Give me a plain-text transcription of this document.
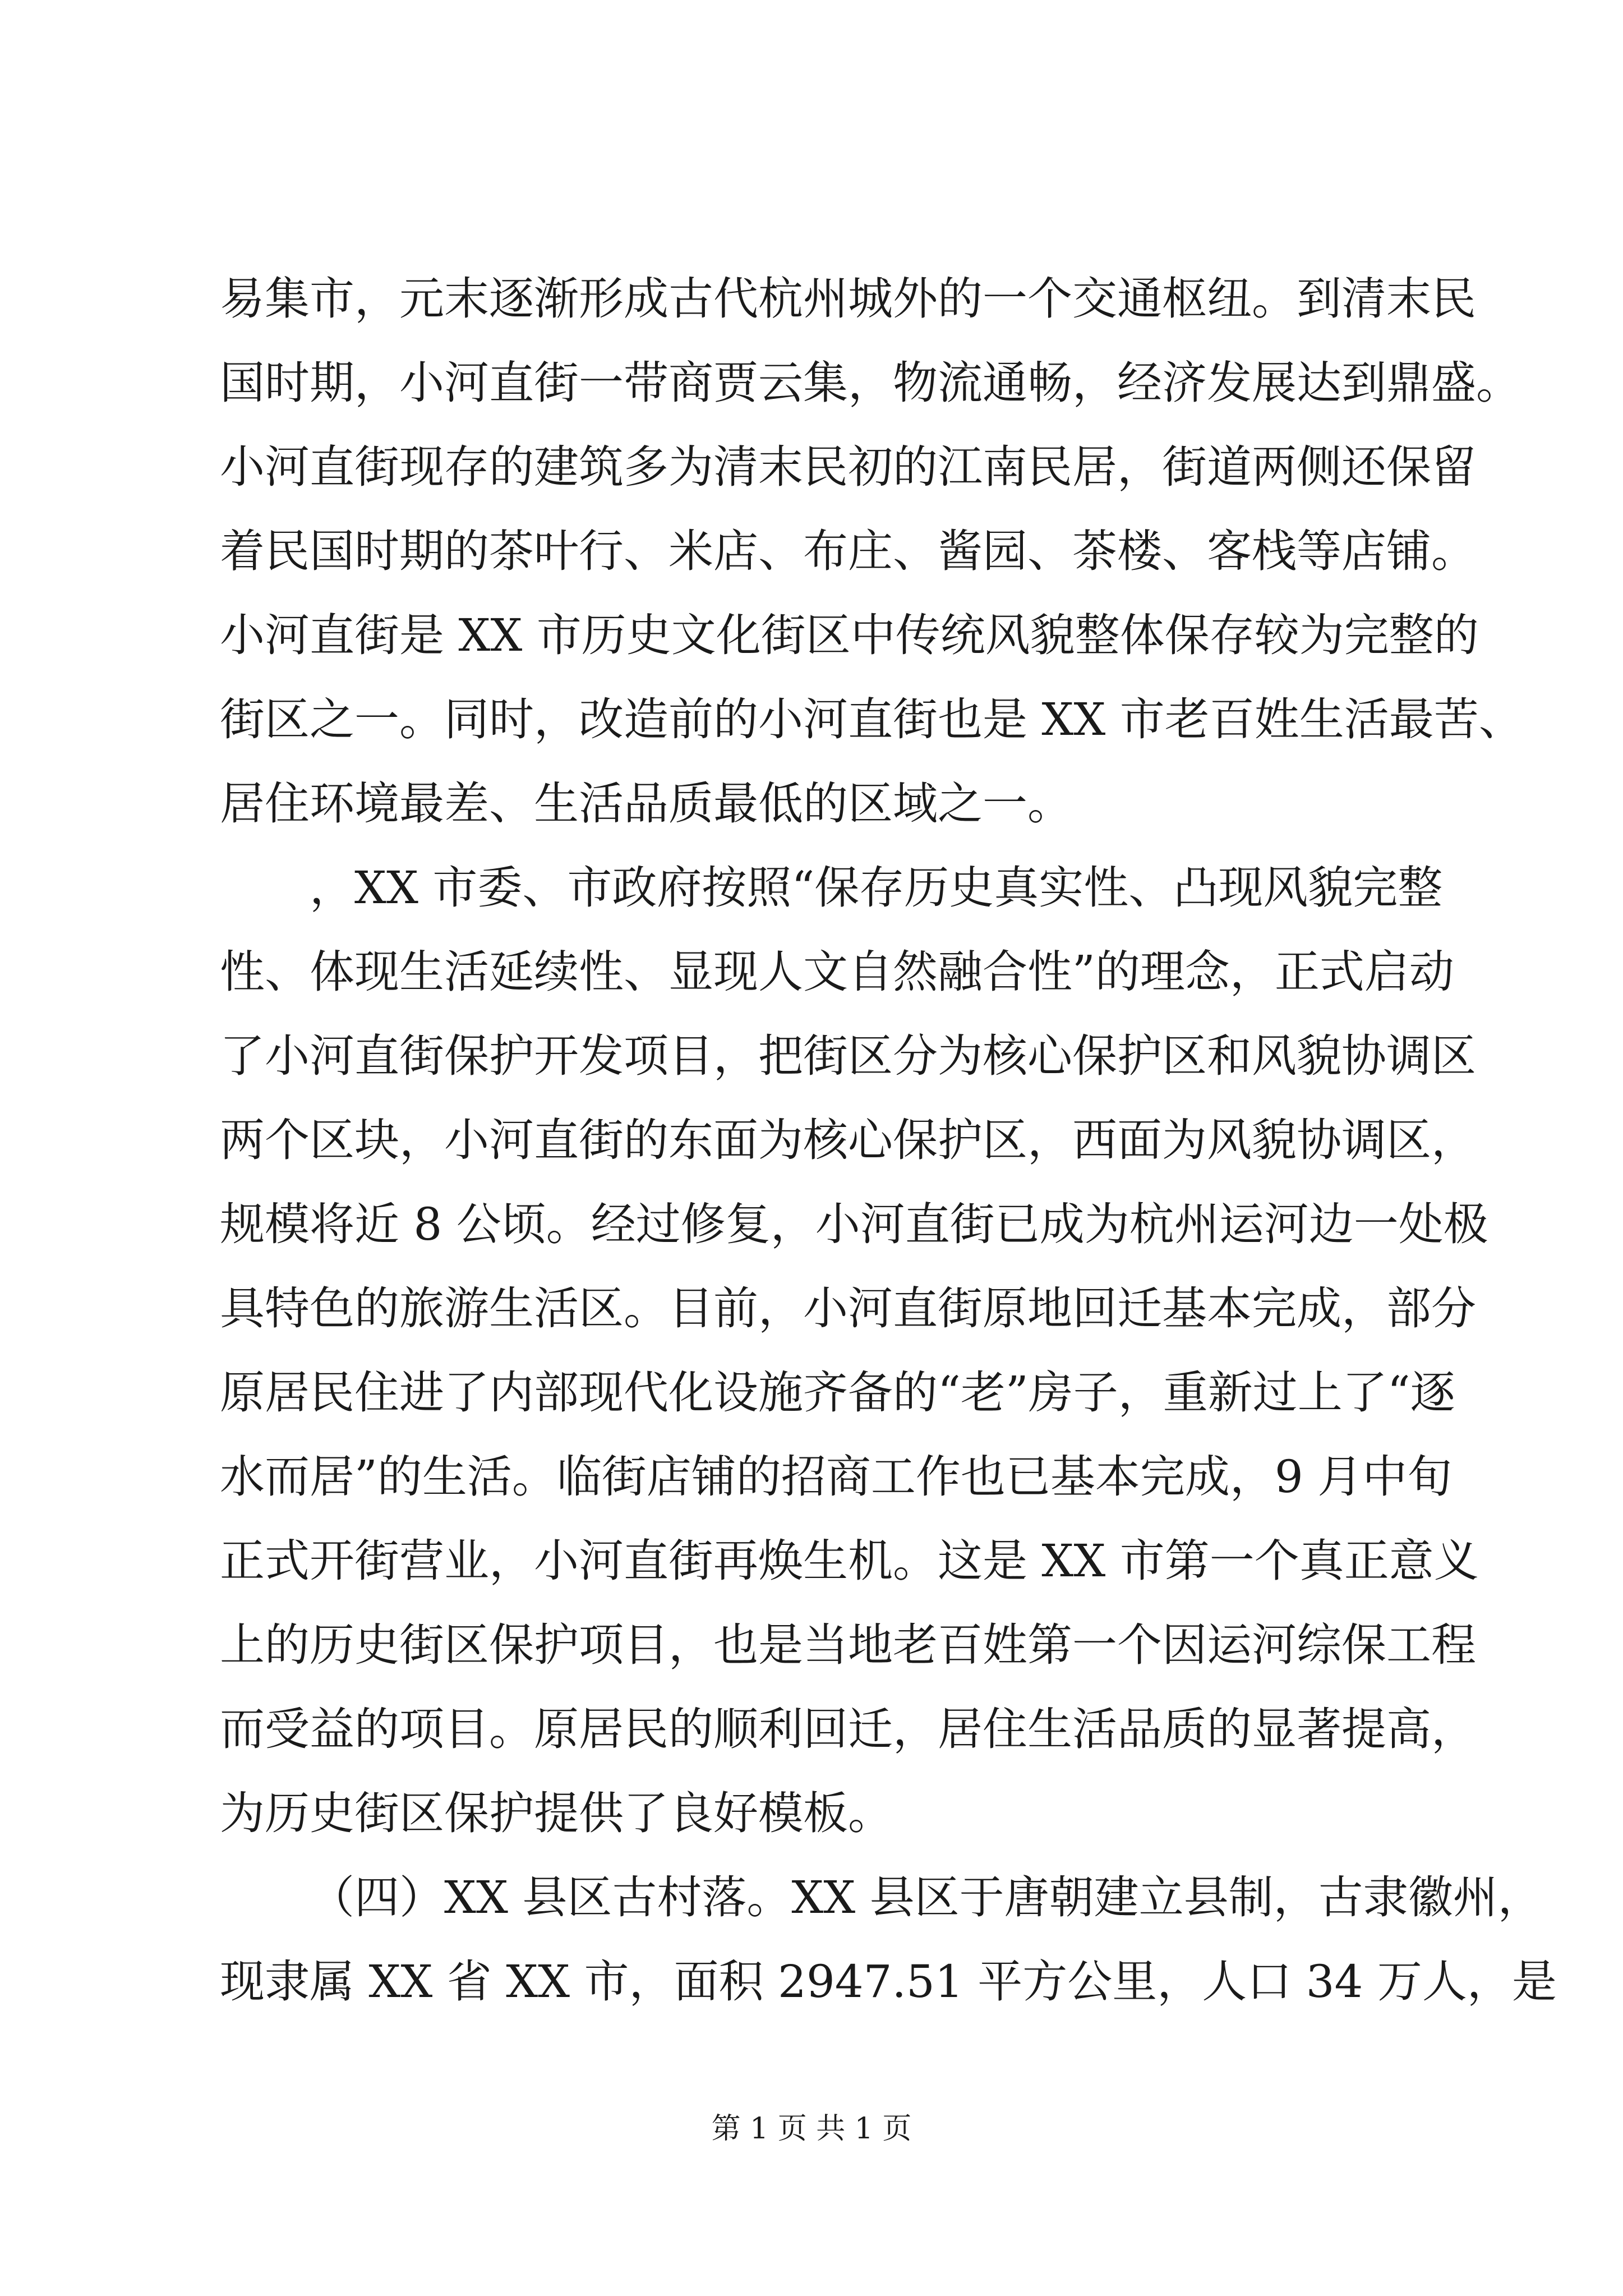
易集市，元末逐渐形成古代杭州城外的一个交通枢纽。到清末民
国时期，小河直街一带商贾云集，物流通畅，经济发展达到鼎盛。
小河直街现存的建筑多为清末民初的江南民居，街道两侧还保留
着民国时期的茶叶行、米店、布庄、酱园、茶楼、客栈等店铺。
小河直街是 XX 市历史文化街区中传统风貌整体保存较为完整的
街区之一。同时，改造前的小河直街也是 XX 市老百姓生活最苦、
居住环境最差、生活品质最低的区域之一。
，XX 市委、市政府按照“保存历史真实性、凸现风貌完整
性、体现生活延续性、显现人文自然融合性”的理念，正式启动
了小河直街保护开发项目，把街区分为核心保护区和风貌协调区
两个区块，小河直街的东面为核心保护区，西面为风貌协调区，
规模将近 8 公顷。经过修复，小河直街已成为杭州运河边一处极
具特色的旅游生活区。目前，小河直街原地回迁基本完成，部分
原居民住进了内部现代化设施齐备的“老”房子，重新过上了“逐
水而居”的生活。临街店铺的招商工作也已基本完成，9 月中旬
正式开街营业，小河直街再焕生机。这是 XX 市第一个真正意义
上的历史街区保护项目，也是当地老百姓第一个因运河综保工程
而受益的项目。原居民的顺利回迁，居住生活品质的显著提高，
为历史街区保护提供了良好模板。
（四）XX 县区古村落。XX 县区于唐朝建立县制，古隶徽州，
现隶属 XX 省 XX 市，面积 2947.51 平方公里，人口 34 万人，是
第 1 页 共 1 页
